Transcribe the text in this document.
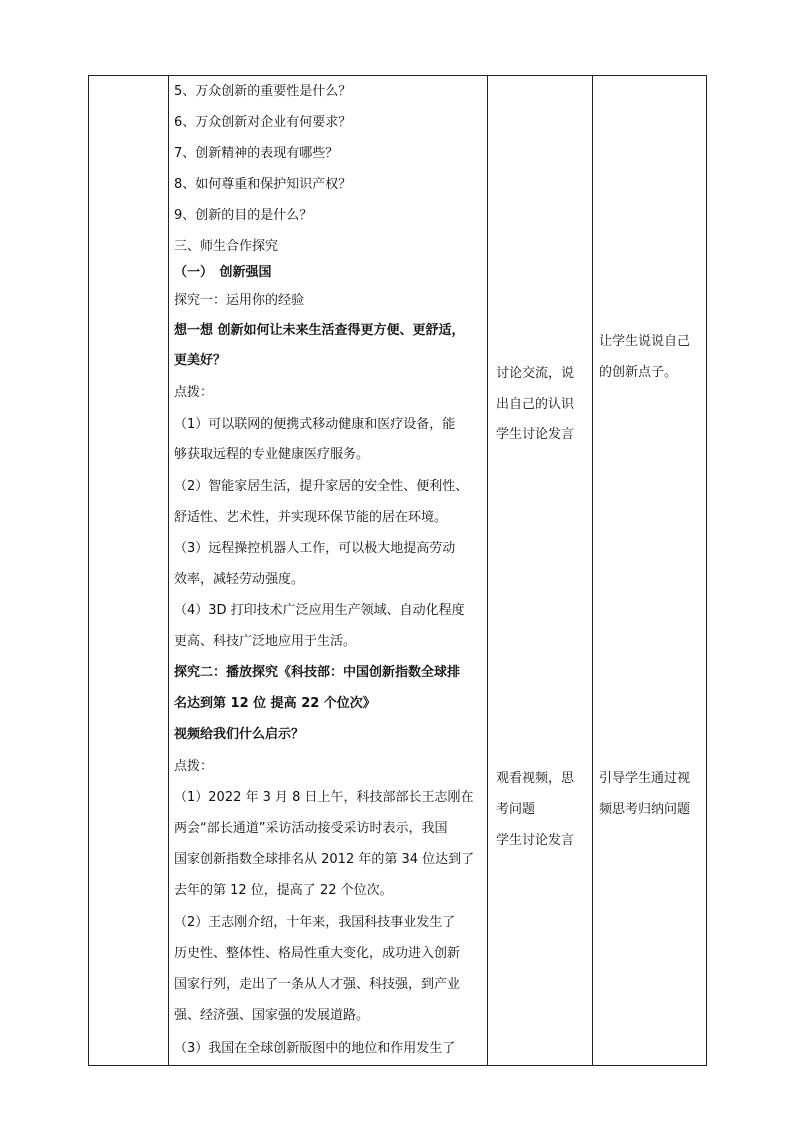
5、万众创新的重要性是什么？
6、万众创新对企业有何要求？
7、创新精神的表现有哪些？
8、如何尊重和保护知识产权？
9、创新的目的是什么？
三、师生合作探究
（一）　创新强国
探究一：运用你的经验
想一想 创新如何让未来生活查得更方便、更舒适，
更美好？
点拨：
（1）可以联网的便携式移动健康和医疗设备，能
够获取远程的专业健康医疗服务。
（2）智能家居生活，提升家居的安全性、便利性、
舒适性、艺术性，并实现环保节能的居在环境。
（3）远程操控机器人工作，可以极大地提高劳动
效率，减轻劳动强度。
（4）3D 打印技术广泛应用生产领域、自动化程度
更高、科技广泛地应用于生活。
探究二：播放探究《科技部：中国创新指数全球排
名达到第 12 位 提高 22 个位次》
视频给我们什么启示？
点拨：
（1）2022 年 3 月 8 日上午，科技部部长王志刚在
两会“部长通道”采访活动接受采访时表示，我国
国家创新指数全球排名从 2012 年的第 34 位达到了
去年的第 12 位，提高了 22 个位次。
（2）王志刚介绍，十年来，我国科技事业发生了
历史性、整体性、格局性重大变化，成功进入创新
国家行列，走出了一条从人才强、科技强，到产业
强、经济强、国家强的发展道路。
（3）我国在全球创新版图中的地位和作用发生了
讨论交流，说
出自己的认识
学生讨论发言
观看视频，思
考问题
学生讨论发言
让学生说说自己
的创新点子。
引导学生通过视
频思考归纳问题
